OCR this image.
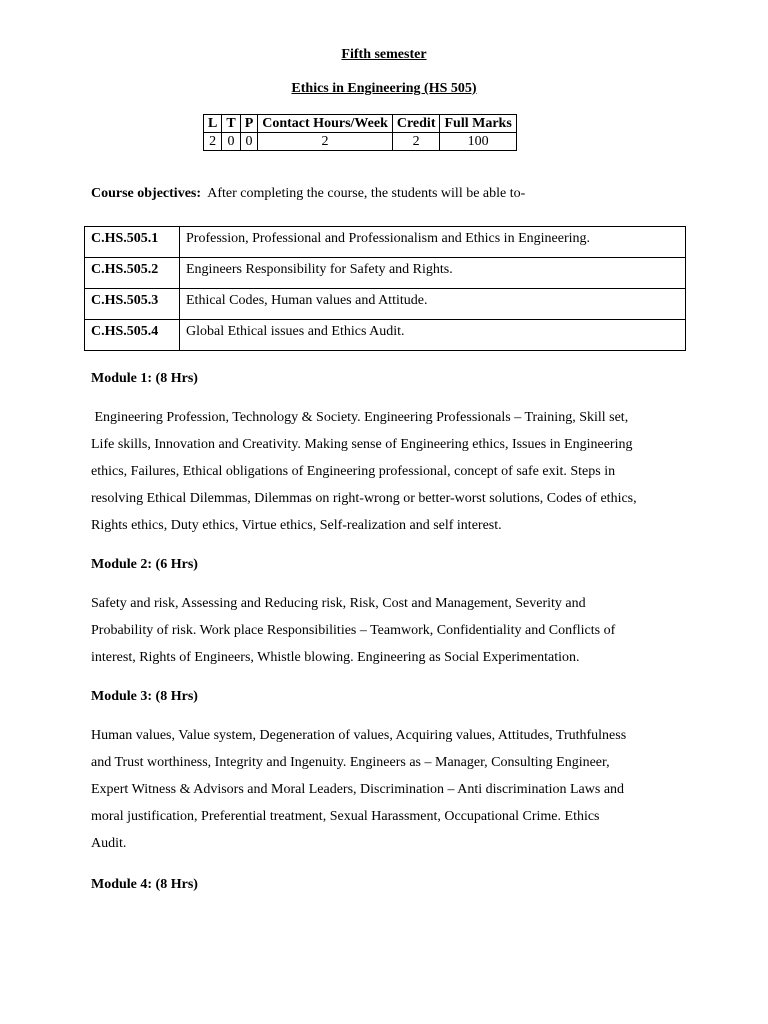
Fifth semester
Ethics in Engineering (HS 505)
L	T	P	Contact Hours/Week	Credit	Full Marks
2	0	0	2	2	100
Course objectives: After completing the course, the students will be able to-
C.HS.505.1	Profession, Professional and Professionalism and Ethics in Engineering.
C.HS.505.2	Engineers Responsibility for Safety and Rights.
C.HS.505.3	Ethical Codes, Human values and Attitude.
C.HS.505.4	Global Ethical issues and Ethics Audit.
Module 1: (8 Hrs)
Engineering Profession, Technology & Society. Engineering Professionals – Training, Skill set,
Life skills, Innovation and Creativity. Making sense of Engineering ethics, Issues in Engineering
ethics, Failures, Ethical obligations of Engineering professional, concept of safe exit. Steps in
resolving Ethical Dilemmas, Dilemmas on right-wrong or better-worst solutions, Codes of ethics,
Rights ethics, Duty ethics, Virtue ethics, Self-realization and self interest.
Module 2: (6 Hrs)
Safety and risk, Assessing and Reducing risk, Risk, Cost and Management, Severity and
Probability of risk. Work place Responsibilities – Teamwork, Confidentiality and Conflicts of
interest, Rights of Engineers, Whistle blowing. Engineering as Social Experimentation.
Module 3: (8 Hrs)
Human values, Value system, Degeneration of values, Acquiring values, Attitudes, Truthfulness
and Trust worthiness, Integrity and Ingenuity. Engineers as – Manager, Consulting Engineer,
Expert Witness & Advisors and Moral Leaders, Discrimination – Anti discrimination Laws and
moral justification, Preferential treatment, Sexual Harassment, Occupational Crime. Ethics
Audit.
Module 4: (8 Hrs)
